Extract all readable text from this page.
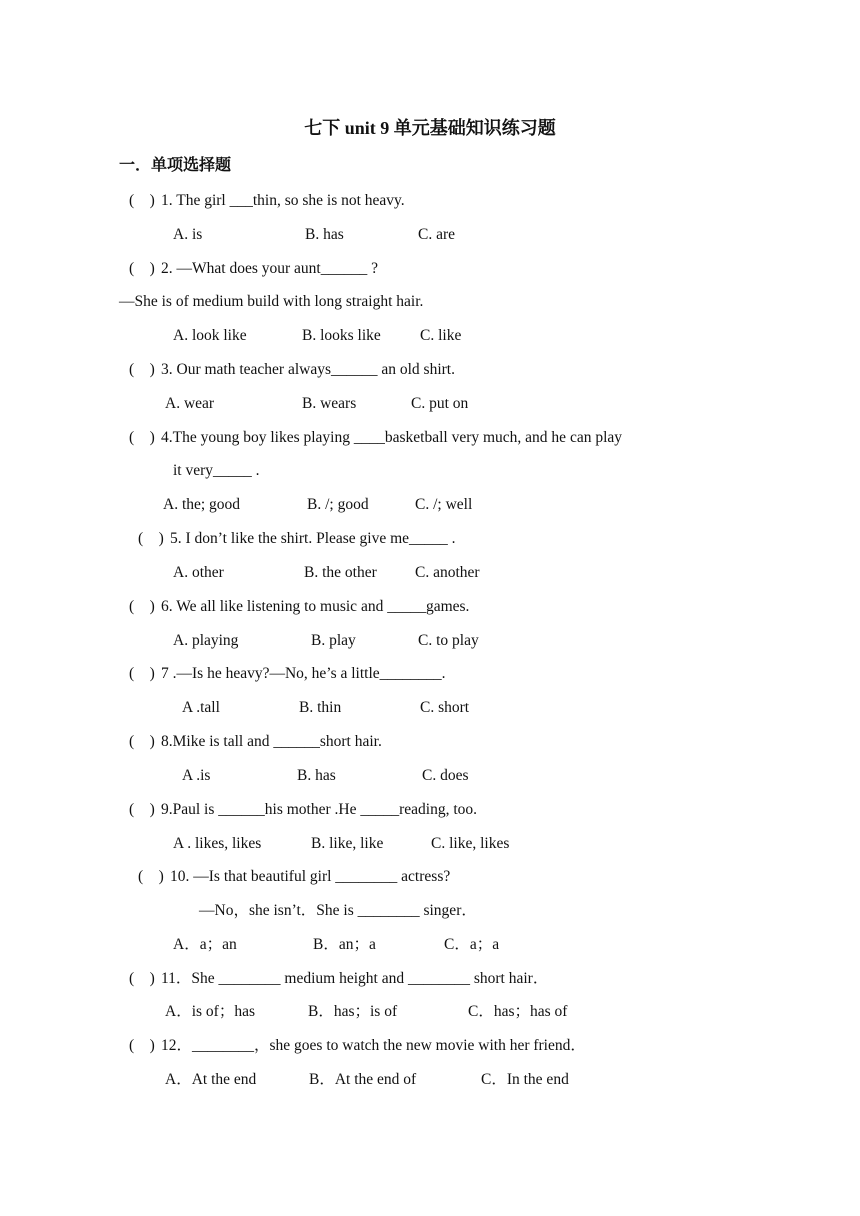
七下 unit 9 单元基础知识练习题
一．单项选择题
(    ) 1. The girl ___thin, so she is not heavy.
A. is	B. has	C. are
(    ) 2. —What does your aunt______ ?
—She is of medium build with long straight hair.
A. look like	B. looks like	C. like
(    ) 3. Our math teacher always______ an old shirt.
A. wear	B. wears	C. put on
(    ) 4.The young boy likes playing ____basketball very much, and he can play
it very_____ .
A. the; good	B. /; good	C. /; well
(    ) 5. I don’t like the shirt. Please give me_____ .
A. other	B. the other C. another
(    ) 6. We all like listening to music and _____games.
A. playing	B. play	C. to play
(    ) 7 .—Is he heavy?—No, he’s a little________.
A .tall	B. thin	C. short
(    ) 8.Mike is tall and ______short hair.
A .is	B. has	C. does
(    ) 9.Paul is ______his mother .He _____reading, too.
A . likes, likes	B. like, like	C. like, likes
(    ) 10. —Is that beautiful girl ________ actress?
—No，she isn’t．She is ________ singer．
A．a；an	B．an；a	C．a；a
(    ) 11．She ________ medium height and ________ short hair．
A．is of；has	B．has；is of	C．has；has of
(    ) 12．________，she goes to watch the new movie with her friend．
A．At the end	B．At the end of	C．In the end
